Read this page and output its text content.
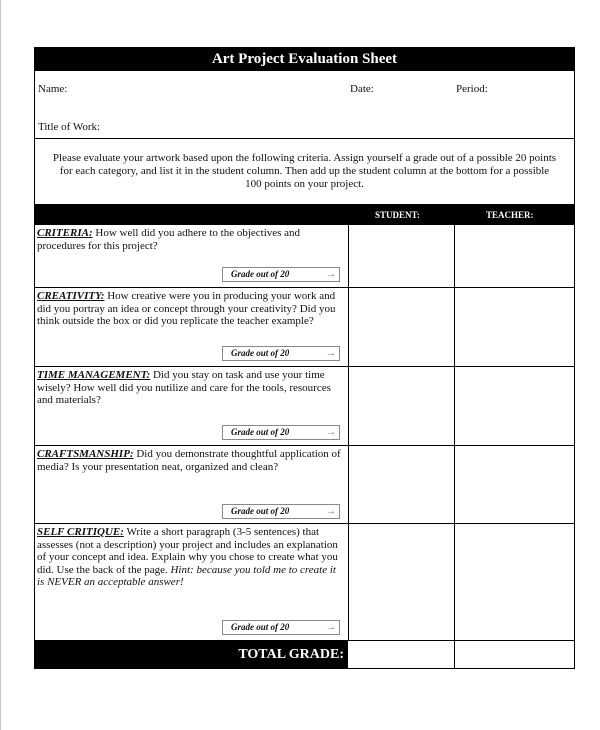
Art Project Evaluation Sheet
Name:	Date:	Period:
Title of Work:
Please evaluate your artwork based upon the following criteria. Assign yourself a grade out of a possible 20 points for each category, and list it in the student column. Then add up the student column at the bottom for a possible 100 points on your project.
STUDENT:	TEACHER:
CRITERIA: How well did you adhere to the objectives and procedures for this project?
Grade out of 20	→
CREATIVITY: How creative were you in producing your work and did you portray an idea or concept through your creativity? Did you think outside the box or did you replicate the teacher example?
Grade out of 20	→
TIME MANAGEMENT: Did you stay on task and use your time wisely? How well did you nutilize and care for the tools, resources and materials?
Grade out of 20	→
CRAFTSMANSHIP: Did you demonstrate thoughtful application of media? Is your presentation neat, organized and clean?
Grade out of 20	→
SELF CRITIQUE: Write a short paragraph (3-5 sentences) that assesses (not a description) your project and includes an explanation of your concept and idea. Explain why you chose to create what you did. Use the back of the page. Hint: because you told me to create it is NEVER an acceptable answer!
Grade out of 20	→
TOTAL GRADE:
